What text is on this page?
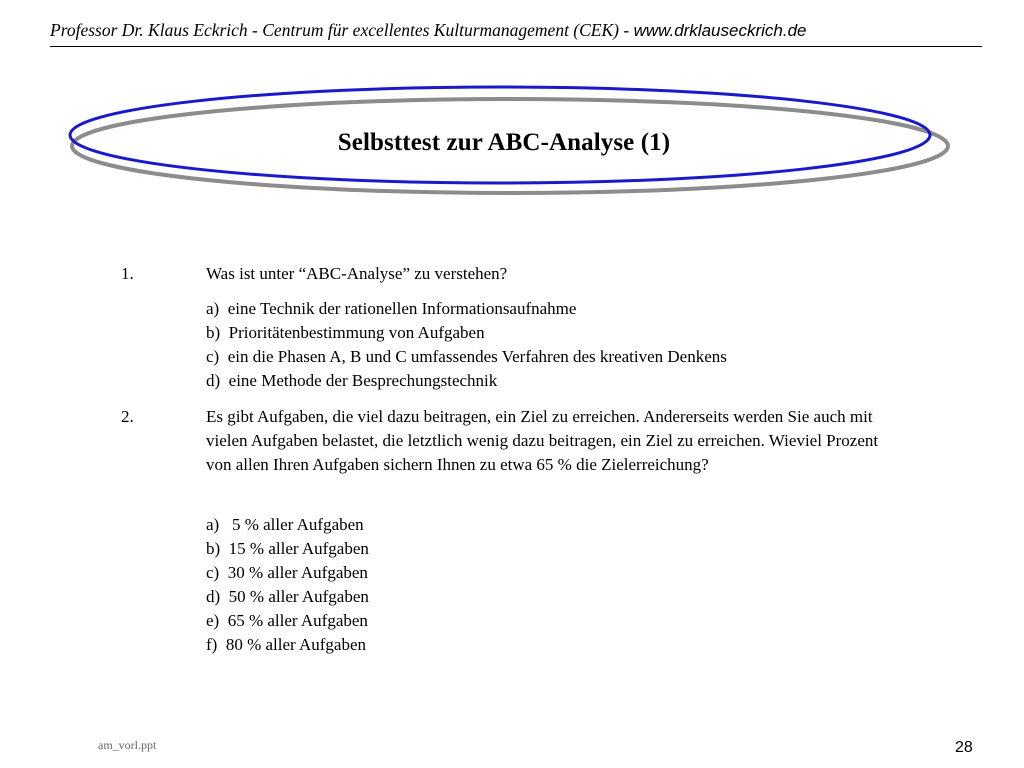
Professor Dr. Klaus Eckrich - Centrum für excellentes Kulturmanagement (CEK) - www.drklauseckrich.de
Selbsttest zur ABC-Analyse (1)
1.	Was ist unter “ABC-Analyse” zu verstehen?
a)  eine Technik der rationellen Informationsaufnahme
b)  Prioritätenbestimmung von Aufgaben
c)  ein die Phasen A, B und C umfassendes Verfahren des kreativen Denkens
d)  eine Methode der Besprechungstechnik
2.	Es gibt Aufgaben, die viel dazu beitragen, ein Ziel zu erreichen. Andererseits werden Sie auch mit vielen Aufgaben belastet, die letztlich wenig dazu beitragen, ein Ziel zu erreichen. Wieviel Prozent von allen Ihren Aufgaben sichern Ihnen zu etwa 65 % die Zielerreichung?
a)   5 % aller Aufgaben
b)  15 % aller Aufgaben
c)  30 % aller Aufgaben
d)  50 % aller Aufgaben
e)  65 % aller Aufgaben
f)  80 % aller Aufgaben
am_vorl.ppt	28
